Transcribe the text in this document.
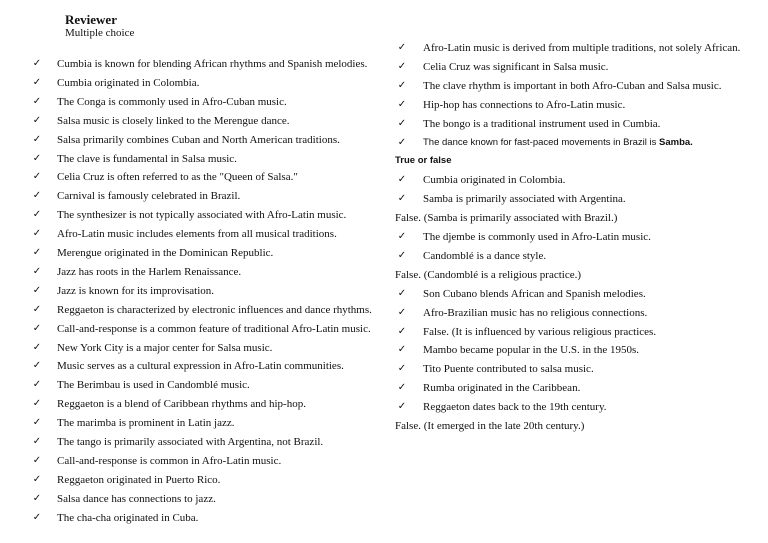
Reviewer
Multiple choice
✓ Cumbia is known for blending African rhythms and Spanish melodies.
✓ Cumbia originated in Colombia.
✓ The Conga is commonly used in Afro-Cuban music.
✓ Salsa music is closely linked to the Merengue dance.
✓ Salsa primarily combines Cuban and North American traditions.
✓ The clave is fundamental in Salsa music.
✓ Celia Cruz is often referred to as the "Queen of Salsa."
✓ Carnival is famously celebrated in Brazil.
✓ The synthesizer is not typically associated with Afro-Latin music.
✓ Afro-Latin music includes elements from all musical traditions.
✓ Merengue originated in the Dominican Republic.
✓ Jazz has roots in the Harlem Renaissance.
✓ Jazz is known for its improvisation.
✓ Reggaeton is characterized by electronic influences and dance rhythms.
✓ Call-and-response is a common feature of traditional Afro-Latin music.
✓ New York City is a major center for Salsa music.
✓ Music serves as a cultural expression in Afro-Latin communities.
✓ The Berimbau is used in Candomblé music.
✓ Reggaeton is a blend of Caribbean rhythms and hip-hop.
✓ The marimba is prominent in Latin jazz.
✓ The tango is primarily associated with Argentina, not Brazil.
✓ Call-and-response is common in Afro-Latin music.
✓ Reggaeton originated in Puerto Rico.
✓ Salsa dance has connections to jazz.
✓ The cha-cha originated in Cuba.
✓ Afro-Latin music is derived from multiple traditions, not solely African.
✓ Celia Cruz was significant in Salsa music.
✓ The clave rhythm is important in both Afro-Cuban and Salsa music.
✓ Hip-hop has connections to Afro-Latin music.
✓ The bongo is a traditional instrument used in Cumbia.
✓ The dance known for fast-paced movements in Brazil is Samba.
True or false
✓ Cumbia originated in Colombia.
✓ Samba is primarily associated with Argentina.
False. (Samba is primarily associated with Brazil.)
✓ The djembe is commonly used in Afro-Latin music.
✓ Candomblé is a dance style.
False. (Candomblé is a religious practice.)
✓ Son Cubano blends African and Spanish melodies.
✓ Afro-Brazilian music has no religious connections.
✓ False. (It is influenced by various religious practices.
✓ Mambo became popular in the U.S. in the 1950s.
✓ Tito Puente contributed to salsa music.
✓ Rumba originated in the Caribbean.
✓ Reggaeton dates back to the 19th century.
False. (It emerged in the late 20th century.)
